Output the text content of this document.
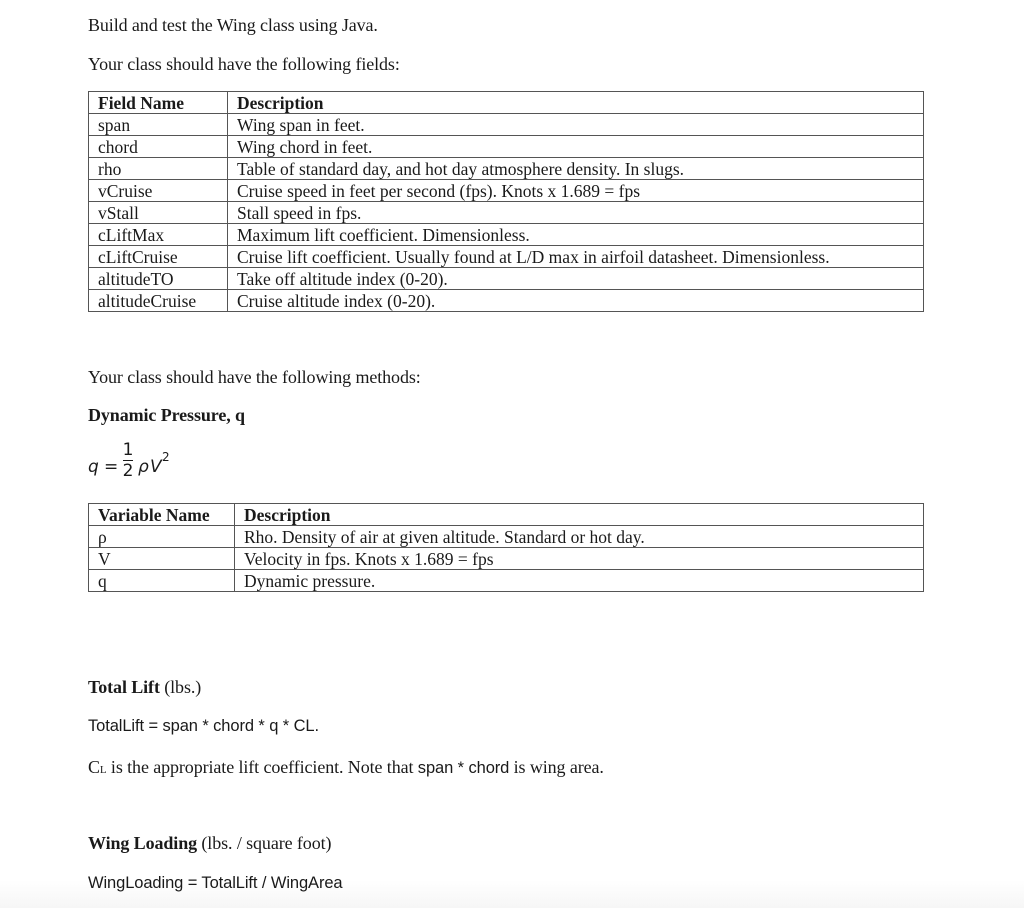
Build and test the Wing class using Java.
Your class should have the following fields:
Field Name	Description
span	Wing span in feet.
chord	Wing chord in feet.
rho	Table of standard day, and hot day atmosphere density. In slugs.
vCruise	Cruise speed in feet per second (fps). Knots x 1.689 = fps
vStall	Stall speed in fps.
cLiftMax	Maximum lift coefficient. Dimensionless.
cLiftCruise	Cruise lift coefficient. Usually found at L/D max in airfoil datasheet. Dimensionless.
altitudeTO	Take off altitude index (0-20).
altitudeCruise	Cruise altitude index (0-20).
Your class should have the following methods:
Dynamic Pressure, q
q =
1
2 ρ V 2
Variable Name	Description
ρ	Rho. Density of air at given altitude. Standard or hot day.
V	Velocity in fps. Knots x 1.689 = fps
q	Dynamic pressure.
Total Lift (lbs.)
TotalLift = span * chord * q * CL.
CL is the appropriate lift coefficient. Note that span * chord is wing area.
Wing Loading (lbs. / square foot)
WingLoading = TotalLift / WingArea
